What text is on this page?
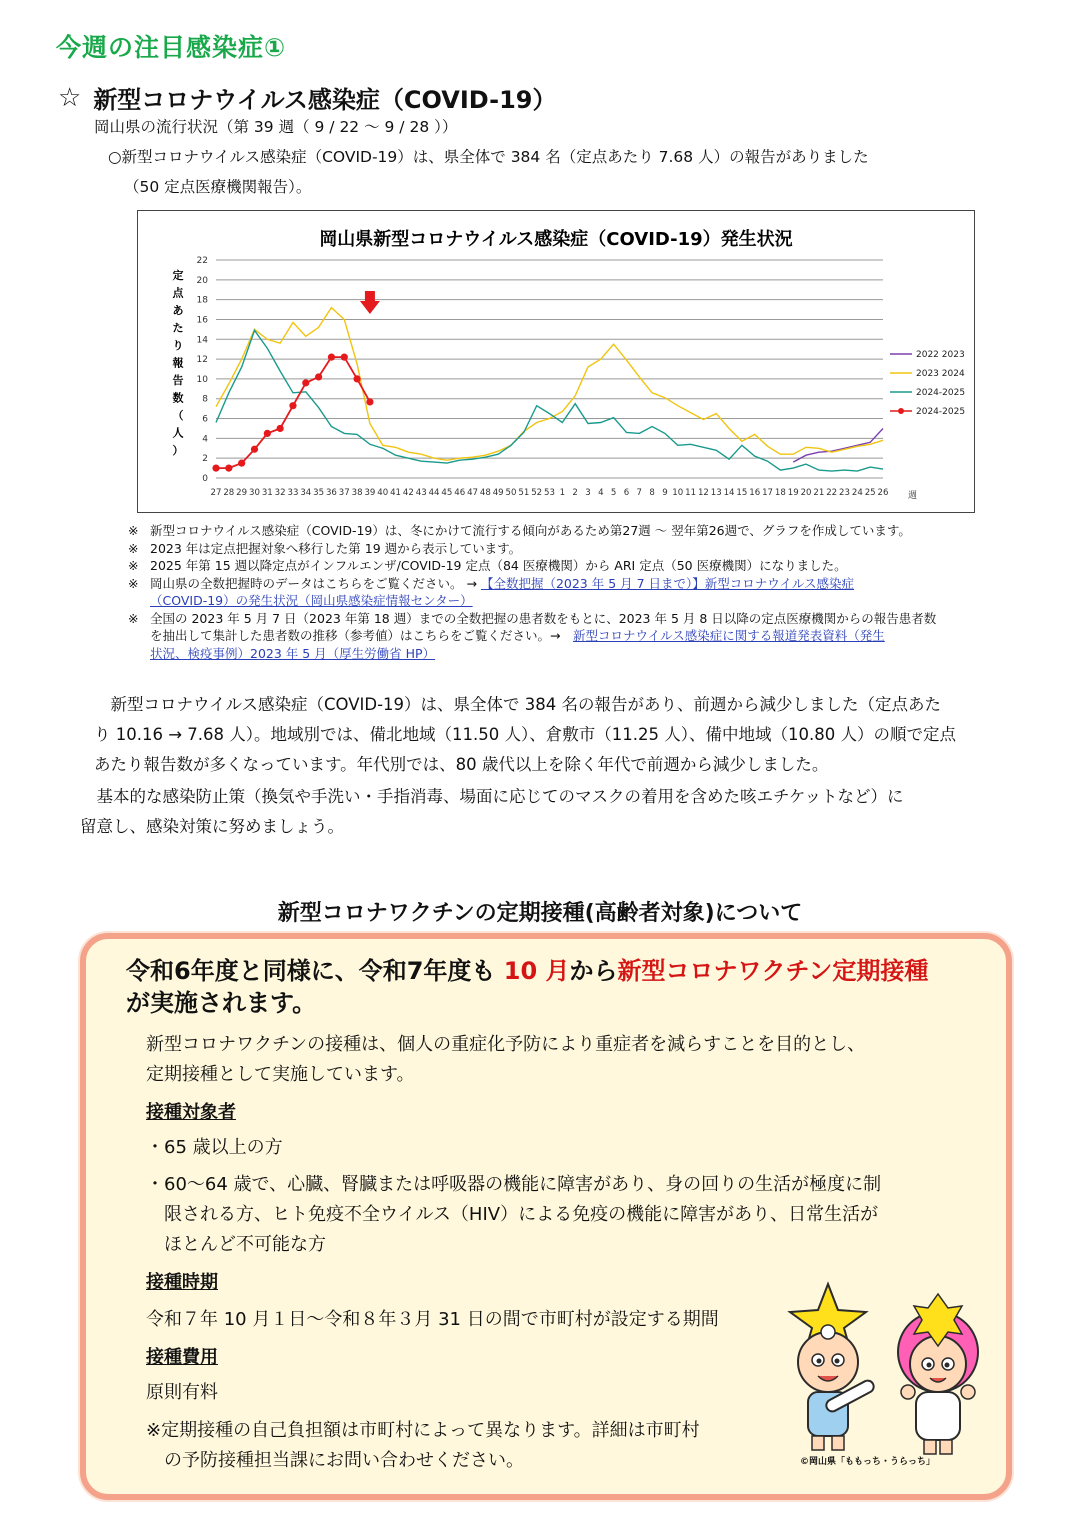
今週の注目感染症①
☆ 新型コロナウイルス感染症（COVID-19）
岡山県の流行状況（第 39 週（ 9 / 22 〜 9 / 28 ））
○新型コロナウイルス感染症（COVID-19）は、県全体で 384 名（定点あたり 7.68 人）の報告がありました
（50 定点医療機関報告）。
岡山県新型コロナウイルス感染症（COVID-19）発生状況
0
2
4
6
8
10
12
14
16
18
20
22
定
点
あ
た
り
報
告
数
（
人
）
27 28 29 30 31 32 33 34 35 36 37 38 39 40 41 42 43 44 45 46 47 48 49 50 51 52 53 1 2 3 4 5 6 7 8 9 10 11 12 13 14 15 16 17 18 19 20 21 22 23 24 25 26 週
2022 2023
2023 2024
2024-2025
2024-2025
※ 新型コロナウイルス感染症（COVID-19）は、冬にかけて流行する傾向があるため第27週 〜 翌年第26週で、グラフを作成しています。
※ 2023 年は定点把握対象へ移行した第 19 週から表示しています。
※ 2025 年第 15 週以降定点がインフルエンザ/COVID-19 定点（84 医療機関）から ARI 定点（50 医療機関）になりました。
※ 岡山県の全数把握時のデータはこちらをご覧ください。 → 【全数把握（2023 年 5 月 7 日まで）】新型コロナウイルス感染症
（COVID-19）の発生状況（岡山県感染症情報センター）
※ 全国の 2023 年 5 月 7 日（2023 年第 18 週）までの全数把握の患者数をもとに、2023 年 5 月 8 日以降の定点医療機関からの報告患者数
を抽出して集計した患者数の推移（参考値）はこちらをご覧ください。→　 新型コロナウイルス感染症に関する報道発表資料（発生
状況、検疫事例）2023 年 5 月（厚生労働省 HP）

　新型コロナウイルス感染症（COVID-19）は、県全体で 384 名の報告があり、前週から減少しました（定点あた

り 10.16 → 7.68 人）。地域別では、備北地域（11.50 人）、倉敷市（11.25 人）、備中地域（10.80 人）の順で定点

あたり報告数が多くなっています。年代別では、80 歳代以上を除く年代で前週から減少しました。

　基本的な感染防止策（換気や手洗い・手指消毒、場面に応じてのマスクの着用を含めた咳エチケットなど）に

留意し、感染対策に努めましょう。

新型コロナワクチンの定期接種(高齢者対象)について
令和6年度と同様に、令和7年度も 10 月から新型コロナワクチン定期接種
が実施されます。
新型コロナワクチンの接種は、個人の重症化予防により重症者を減らすことを目的とし、
定期接種として実施しています。
接種対象者
・65 歳以上の方
・60〜64 歳で、心臓、腎臓または呼吸器の機能に障害があり、身の回りの生活が極度に制
限される方、ヒト免疫不全ウイルス（HIV）による免疫の機能に障害があり、日常生活が
ほとんど不可能な方
接種時期
令和７年 10 月１日〜令和８年３月 31 日の間で市町村が設定する期間
接種費用
原則有料
※定期接種の自己負担額は市町村によって異なります。詳細は市町村
　の予防接種担当課にお問い合わせください。	©岡山県「ももっち・うらっち」
